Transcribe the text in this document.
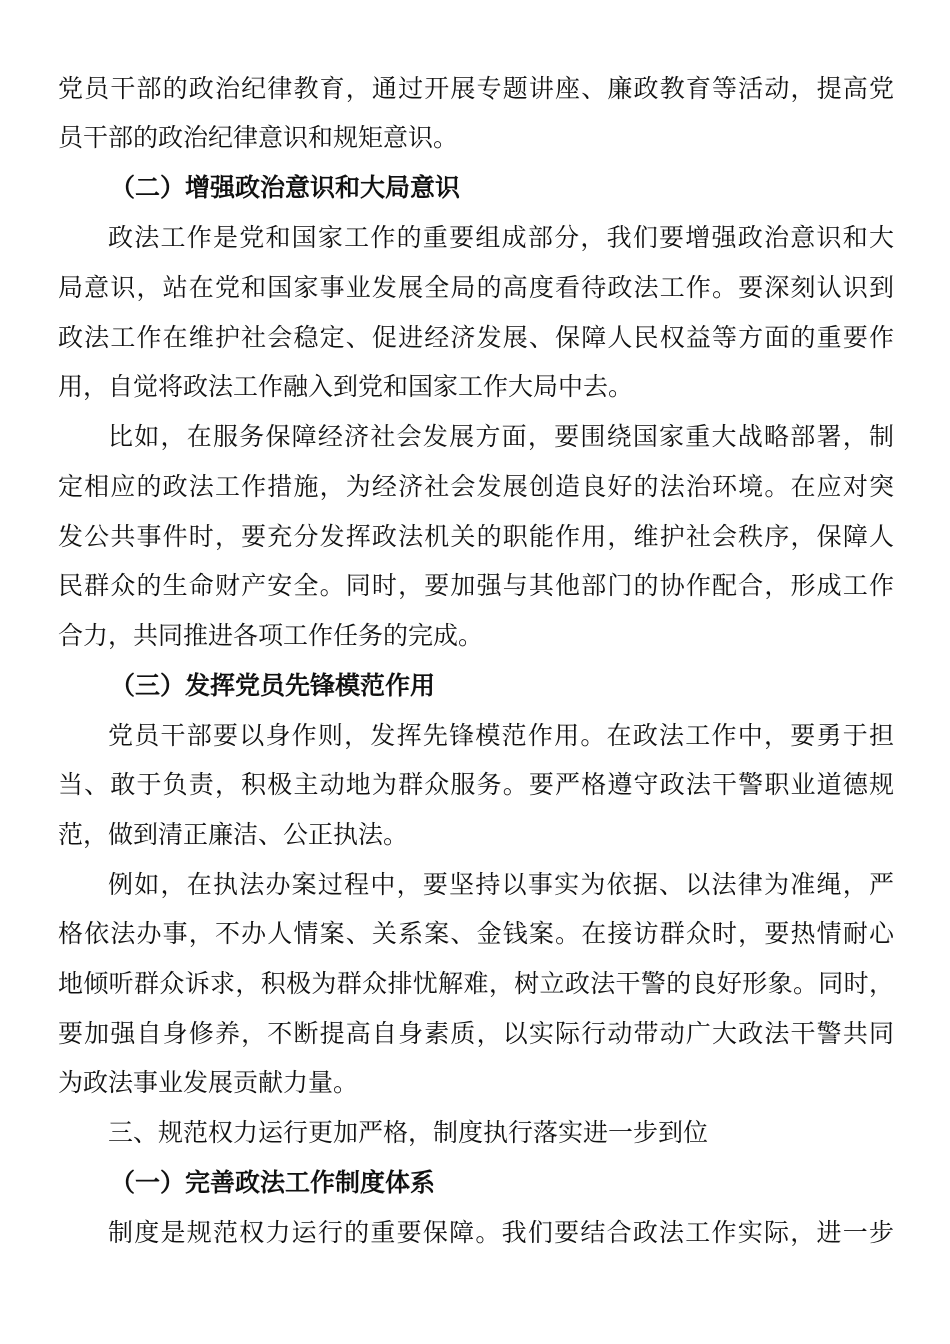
党员干部的政治纪律教育，通过开展专题讲座、廉政教育等活动，提高党

员干部的政治纪律意识和规矩意识。

（二）增强政治意识和大局意识

政法工作是党和国家工作的重要组成部分，我们要增强政治意识和大

局意识，站在党和国家事业发展全局的高度看待政法工作。要深刻认识到

政法工作在维护社会稳定、促进经济发展、保障人民权益等方面的重要作

用，自觉将政法工作融入到党和国家工作大局中去。

比如，在服务保障经济社会发展方面，要围绕国家重大战略部署，制

定相应的政法工作措施，为经济社会发展创造良好的法治环境。在应对突

发公共事件时，要充分发挥政法机关的职能作用，维护社会秩序，保障人

民群众的生命财产安全。同时，要加强与其他部门的协作配合，形成工作

合力，共同推进各项工作任务的完成。

（三）发挥党员先锋模范作用

党员干部要以身作则，发挥先锋模范作用。在政法工作中，要勇于担

当、敢于负责，积极主动地为群众服务。要严格遵守政法干警职业道德规

范，做到清正廉洁、公正执法。

例如，在执法办案过程中，要坚持以事实为依据、以法律为准绳，严

格依法办事，不办人情案、关系案、金钱案。在接访群众时，要热情耐心

地倾听群众诉求，积极为群众排忧解难，树立政法干警的良好形象。同时，

要加强自身修养，不断提高自身素质，以实际行动带动广大政法干警共同

为政法事业发展贡献力量。

三、规范权力运行更加严格，制度执行落实进一步到位

（一）完善政法工作制度体系

制度是规范权力运行的重要保障。我们要结合政法工作实际，进一步
